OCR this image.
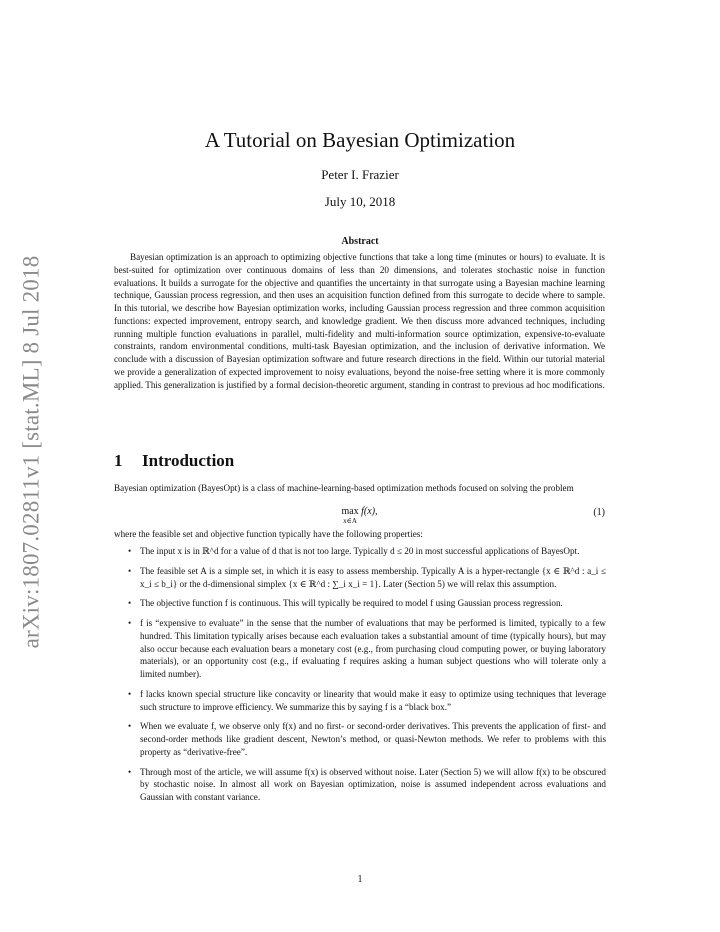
arXiv:1807.02811v1 [stat.ML] 8 Jul 2018
A Tutorial on Bayesian Optimization
Peter I. Frazier
July 10, 2018
Abstract

Bayesian optimization is an approach to optimizing objective functions that take a long time (minutes or hours) to evaluate. It is best-suited for optimization over continuous domains of less than 20 dimensions, and tolerates stochastic noise in function evaluations. It builds a surrogate for the objective and quantifies the uncertainty in that surrogate using a Bayesian machine learning technique, Gaussian process regression, and then uses an acquisition function defined from this surrogate to decide where to sample. In this tutorial, we describe how Bayesian optimization works, including Gaussian process regression and three common acquisition functions: expected improvement, entropy search, and knowledge gradient. We then discuss more advanced techniques, including running multiple function evaluations in parallel, multi-fidelity and multi-information source optimization, expensive-to-evaluate constraints, random environmental conditions, multi-task Bayesian optimization, and the inclusion of derivative information. We conclude with a discussion of Bayesian optimization software and future research directions in the field. Within our tutorial material we provide a generalization of expected improvement to noisy evaluations, beyond the noise-free setting where it is more commonly applied. This generalization is justified by a formal decision-theoretic argument, standing in contrast to previous ad hoc modifications.

1 Introduction

Bayesian optimization (BayesOpt) is a class of machine-learning-based optimization methods focused on solving the problem

max
x∈A
f(x),	(1)

where the feasible set and objective function typically have the following properties:

• The input x is in ℝ^d for a value of d that is not too large. Typically d ≤ 20 in most successful applications of BayesOpt.
• The feasible set A is a simple set, in which it is easy to assess membership. Typically A is a hyper-rectangle {x ∈ ℝ^d : a_i ≤ x_i ≤ b_i} or the d-dimensional simplex {x ∈ ℝ^d : ∑_i x_i = 1}. Later (Section 5) we will relax this assumption.
• The objective function f is continuous. This will typically be required to model f using Gaussian process regression.
• f is “expensive to evaluate” in the sense that the number of evaluations that may be performed is limited, typically to a few hundred. This limitation typically arises because each evaluation takes a substantial amount of time (typically hours), but may also occur because each evaluation bears a monetary cost (e.g., from purchasing cloud computing power, or buying laboratory materials), or an opportunity cost (e.g., if evaluating f requires asking a human subject questions who will tolerate only a limited number).
• f lacks known special structure like concavity or linearity that would make it easy to optimize using techniques that leverage such structure to improve efficiency. We summarize this by saying f is a “black box.”
• When we evaluate f, we observe only f(x) and no first- or second-order derivatives. This prevents the application of first- and second-order methods like gradient descent, Newton’s method, or quasi-Newton methods. We refer to problems with this property as “derivative-free”.
• Through most of the article, we will assume f(x) is observed without noise. Later (Section 5) we will allow f(x) to be obscured by stochastic noise. In almost all work on Bayesian optimization, noise is assumed independent across evaluations and Gaussian with constant variance.
1
